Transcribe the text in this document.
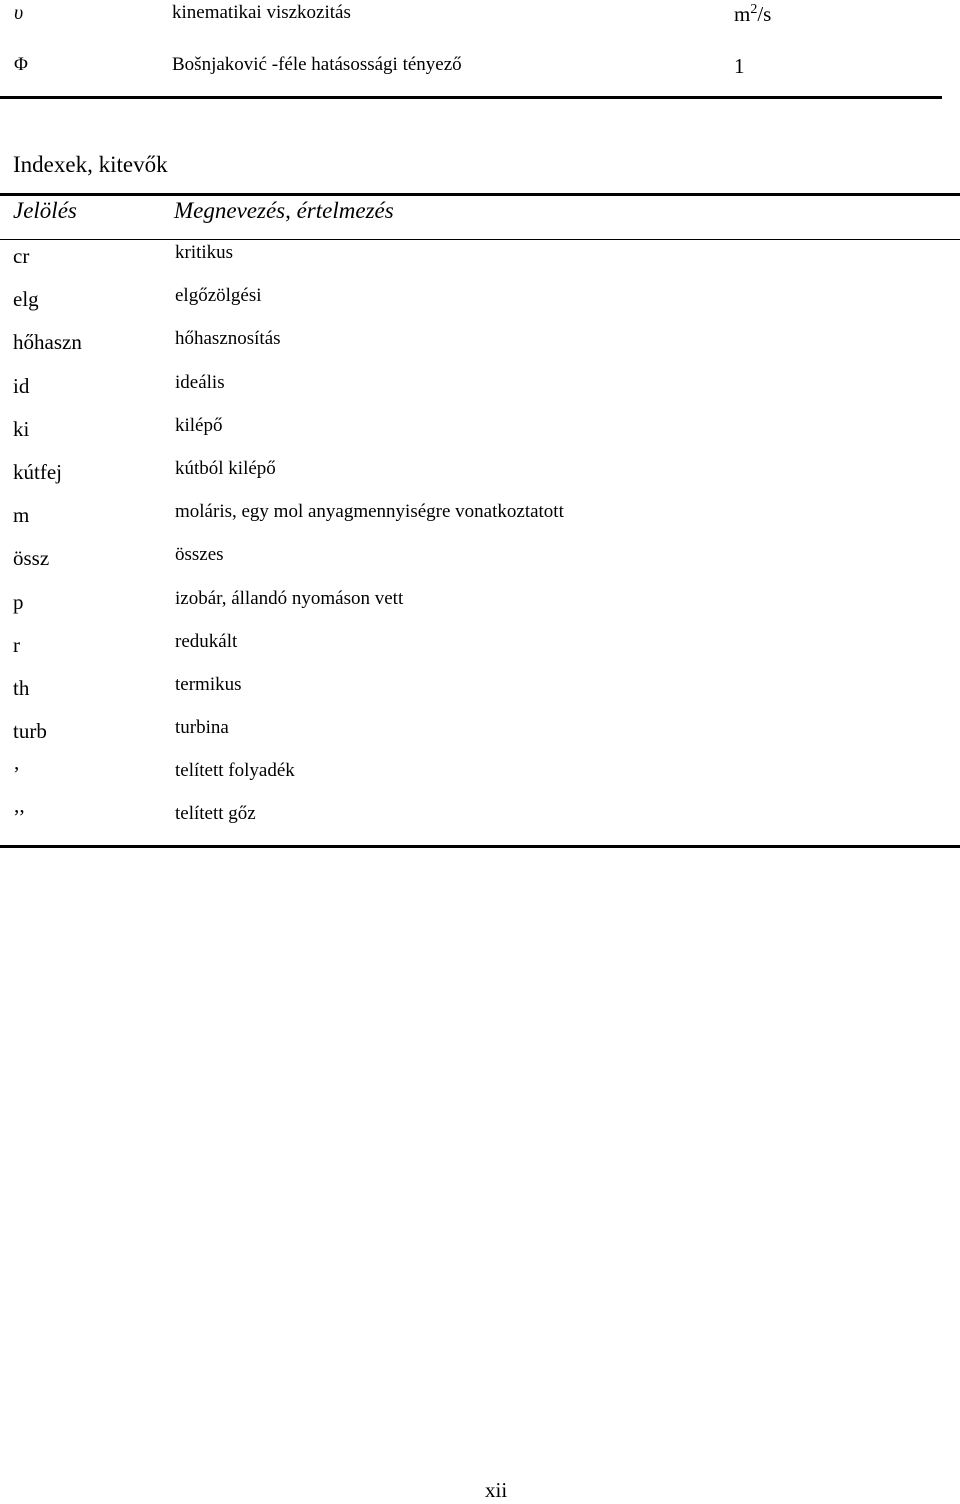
υ	kinematikai viszkozitás	$m^2/s$
Φ	Bošnjaković -féle hatásossági tényező	1
Indexek, kitevők
Jelölés	Megnevezés, értelmezés
cr	kritikus
elg	elgőzölgési
hőhaszn	hőhasznosítás
id	ideális
ki	kilépő
kútfej	kútból kilépő
m	moláris, egy mol anyagmennyiségre vonatkoztatott
össz	összes
p	izobár, állandó nyomáson vett
r	redukált
th	termikus
turb	turbina
’	telített folyadék
’’	telített gőz
xii
